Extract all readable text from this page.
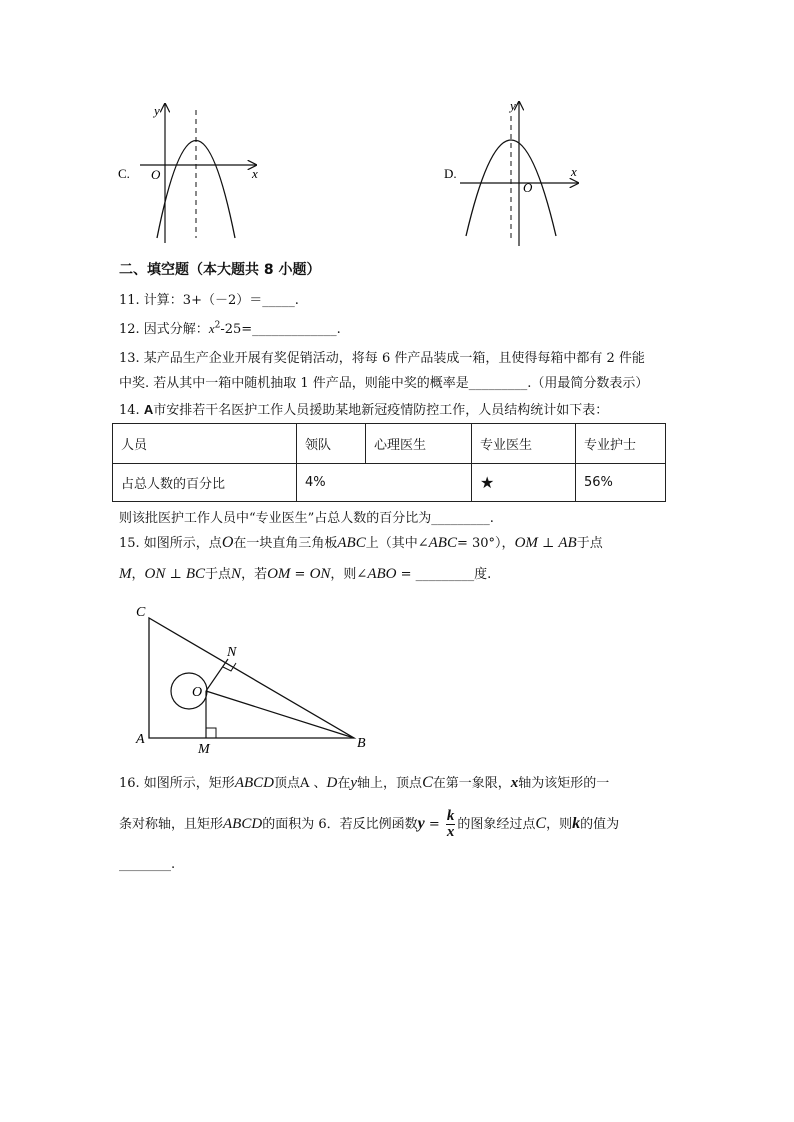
C.
y
x
O	D.
y
x
O
二、填空题（本大题共 8 小题）
11. 计算：3+（－2）＝_____.
12. 因式分解：$x^2-25=\_\_\_\_\_\_\_\_\_\_\_\_\_$.
13. 某产品生产企业开展有奖促销活动，将每 6 件产品装成一箱，且使得每箱中都有 2 件能
中奖. 若从其中一箱中随机抽取 1 件产品，则能中奖的概率是_________.（用最简分数表示）
14. A市安排若干名医护工作人员援助某地新冠疫情防控工作，人员结构统计如下表：
人员	领队	心理医生	专业医生	专业护士
占总人数的百分比	4%		★	56%
则该批医护工作人员中“专业医生”占总人数的百分比为_________.
15. 如图所示，点O在一块直角三角板ABC上（其中∠ABC= 30°），OM ⊥ AB于点
M，ON ⊥ BC于点N，若OM = ON，则∠ABO = _________度.
C
N
O
A
M	B
16. 如图所示，矩形ABCD顶点A 、D在y轴上，顶点C在第一象限，x轴为该矩形的一
条对称轴，且矩形ABCD的面积为 6．若反比例函数$y = \frac{k}{x}$ 的图象经过点C，则k的值为
________.
